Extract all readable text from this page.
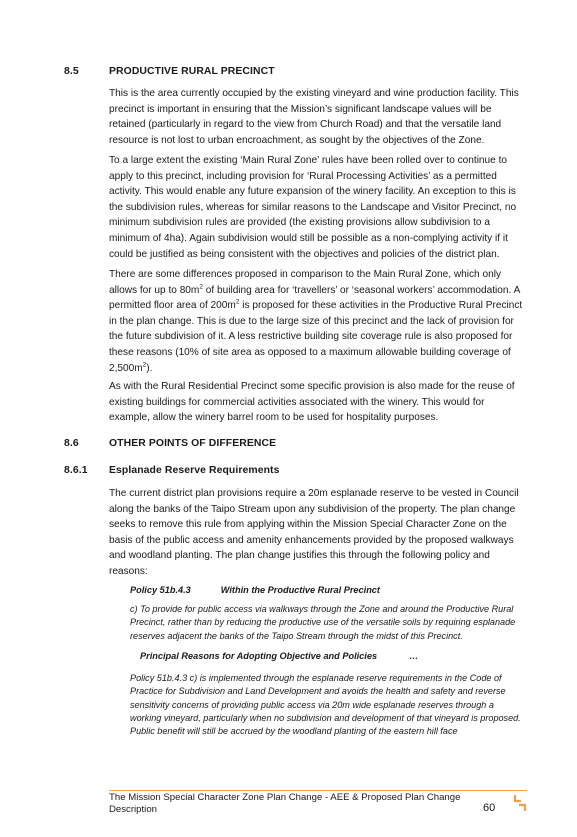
8.5	PRODUCTIVE RURAL PRECINCT

This is the area currently occupied by the existing vineyard and wine production facility. This precinct is important in ensuring that the Mission’s significant landscape values will be retained (particularly in regard to the view from Church Road) and that the versatile land resource is not lost to urban encroachment, as sought by the objectives of the Zone.

To a large extent the existing ‘Main Rural Zone’ rules have been rolled over to continue to apply to this precinct, including provision for ‘Rural Processing Activities’ as a permitted activity. This would enable any future expansion of the winery facility. An exception to this is the subdivision rules, whereas for similar reasons to the Landscape and Visitor Precinct, no minimum subdivision rules are provided (the existing provisions allow subdivision to a minimum of 4ha). Again subdivision would still be possible as a non-complying activity if it could be justified as being consistent with the objectives and policies of the district plan.

There are some differences proposed in comparison to the Main Rural Zone, which only allows for up to $80m^2$ of building area for ‘travellers’ or ‘seasonal workers’ accommodation. A permitted floor area of $200m^2$ is proposed for these activities in the Productive Rural Precinct in the plan change. This is due to the large size of this precinct and the lack of provision for the future subdivision of it. A less restrictive building site coverage rule is also proposed for these reasons (10% of site area as opposed to a maximum allowable building coverage of $2,500m^2$).

As with the Rural Residential Precinct some specific provision is also made for the reuse of existing buildings for commercial activities associated with the winery. This would for example, allow the winery barrel room to be used for hospitality purposes.

8.6	OTHER POINTS OF DIFFERENCE
8.6.1 Esplanade Reserve Requirements

The current district plan provisions require a 20m esplanade reserve to be vested in Council along the banks of the Taipo Stream upon any subdivision of the property. The plan change seeks to remove this rule from applying within the Mission Special Character Zone on the basis of the public access and amenity enhancements provided by the proposed walkways and woodland planting. The plan change justifies this through the following policy and reasons:

Policy 51b.4.3	Within the Productive Rural Precinct
c) To provide for public access via walkways through the Zone and around the Productive Rural Precinct, rather than by reducing the productive use of the versatile soils by requiring esplanade reserves adjacent the banks of the Taipo Stream through the midst of this Precinct.
Principal Reasons for Adopting Objective and Policies	…
Policy 51b.4.3 c) is implemented through the esplanade reserve requirements in the Code of Practice for Subdivision and Land Development and avoids the health and safety and reverse sensitivity concerns of providing public access via 20m wide esplanade reserves through a working vineyard, particularly when no subdivision and development of that vineyard is proposed. Public benefit will still be accrued by the woodland planting of the eastern hill face
The Mission Special Character Zone Plan Change - AEE & Proposed Plan Change
Description	60
